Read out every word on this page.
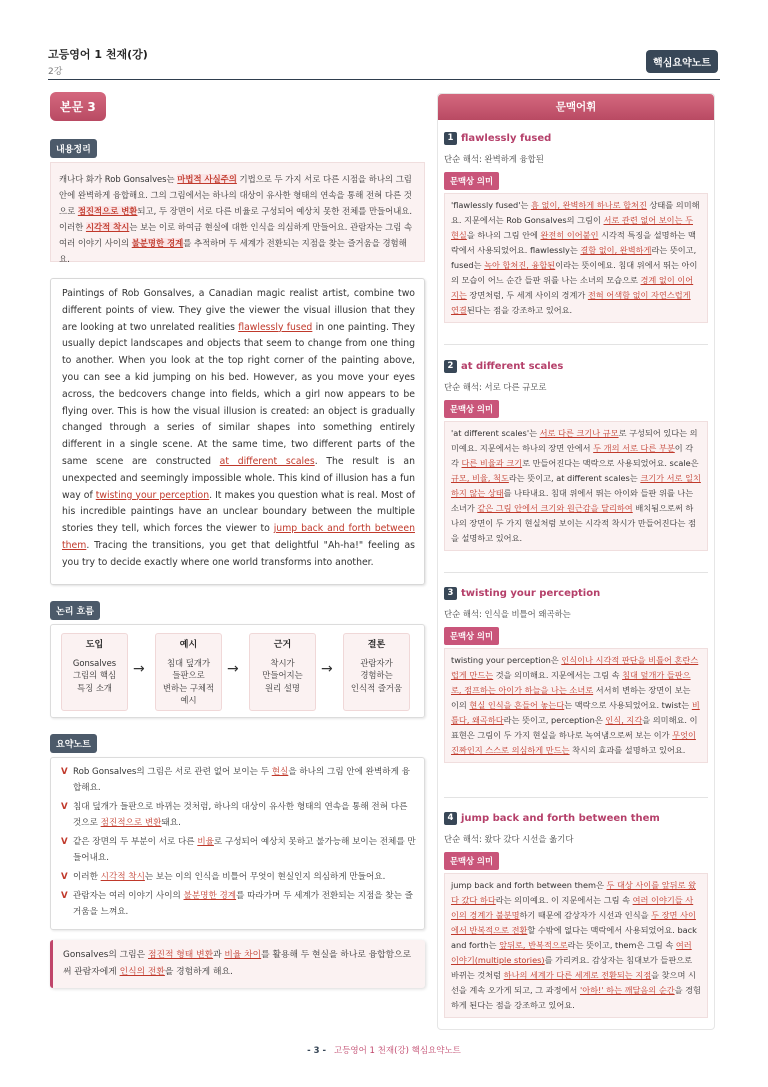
고등영어 1 천재(강)
2강
핵심요약노트
본문 3
내용정리
캐나다 화가 Rob Gonsalves는 마법적 사실주의 기법으로 두 가지 서로 다른 시점을 하나의 그림 안에 완벽하게 융합해요. 그의 그림에서는 하나의 대상이 유사한 형태의 연속을 통해 전혀 다른 것으로 점진적으로 변환되고, 두 장면이 서로 다른 비율로 구성되어 예상치 못한 전체를 만들어내요. 이러한 시각적 착시는 보는 이로 하여금 현실에 대한 인식을 의심하게 만들어요. 관람자는 그림 속 여러 이야기 사이의 불분명한 경계를 추적하며 두 세계가 전환되는 지점을 찾는 즐거움을 경험해요.
Paintings of Rob Gonsalves, a Canadian magic realist artist, combine two different points of view. They give the viewer the visual illusion that they are looking at two unrelated realities flawlessly fused in one painting. They usually depict landscapes and objects that seem to change from one thing to another. When you look at the top right corner of the painting above, you can see a kid jumping on his bed. However, as you move your eyes across, the bedcovers change into fields, which a girl now appears to be flying over. This is how the visual illusion is created: an object is gradually changed through a series of similar shapes into something entirely different in a single scene. At the same time, two different parts of the same scene are constructed at different scales. The result is an unexpected and seemingly impossible whole. This kind of illusion has a fun way of twisting your perception. It makes you question what is real. Most of his incredible paintings have an unclear boundary between the multiple stories they tell, which forces the viewer to jump back and forth between them. Tracing the transitions, you get that delightful "Ah-ha!" feeling as you try to decide exactly where one world transforms into another.
논리 흐름
도입
Gonsalves
그림의 핵심
특징 소개
→
예시
침대 덮개가
들판으로
변하는 구체적
예시
→
근거
착시가
만들어지는
원리 설명
→
결론
관람자가
경험하는
인식적 즐거움
요약노트
V Rob Gonsalves의 그림은 서로 관련 없어 보이는 두 현실을 하나의 그림 안에 완벽하게 융합해요.
V 침대 덮개가 들판으로 바뀌는 것처럼, 하나의 대상이 유사한 형태의 연속을 통해 전혀 다른 것으로 점진적으로 변환돼요.
V 같은 장면의 두 부분이 서로 다른 비율로 구성되어 예상치 못하고 불가능해 보이는 전체를 만들어내요.
V 이러한 시각적 착시는 보는 이의 인식을 비틀어 무엇이 현실인지 의심하게 만들어요.
V 관람자는 여러 이야기 사이의 불분명한 경계를 따라가며 두 세계가 전환되는 지점을 찾는 즐거움을 느껴요.
Gonsalves의 그림은 점진적 형태 변환과 비율 차이를 활용해 두 현실을 하나로 융합함으로써 관람자에게 인식의 전환을 경험하게 해요.
문맥어휘
1 flawlessly fused
단순 해석: 완벽하게 융합된
문맥상 의미
'flawlessly fused'는 흠 없이, 완벽하게 하나로 합쳐진 상태를 의미해요. 지문에서는 Rob Gonsalves의 그림이 서로 관련 없어 보이는 두 현실을 하나의 그림 안에 완전히 이어붙인 시각적 특징을 설명하는 맥락에서 사용되었어요. flawlessly는 결함 없이, 완벽하게라는 뜻이고, fused는 녹아 합쳐진, 융합된이라는 뜻이에요. 침대 위에서 뛰는 아이의 모습이 어느 순간 들판 위를 나는 소녀의 모습으로 경계 없이 이어지는 장면처럼, 두 세계 사이의 경계가 전혀 어색함 없이 자연스럽게 연결된다는 점을 강조하고 있어요.
2 at different scales
단순 해석: 서로 다른 규모로
문맥상 의미
'at different scales'는 서로 다른 크기나 규모로 구성되어 있다는 의미예요. 지문에서는 하나의 장면 안에서 두 개의 서로 다른 부분이 각각 다른 비율과 크기로 만들어진다는 맥락으로 사용되었어요. scale은 규모, 비율, 척도라는 뜻이고, at different scales는 크기가 서로 일치하지 않는 상태를 나타내요. 침대 위에서 뛰는 아이와 들판 위를 나는 소녀가 같은 그림 안에서 크기와 원근감을 달리하여 배치됨으로써 하나의 장면이 두 가지 현실처럼 보이는 시각적 착시가 만들어진다는 점을 설명하고 있어요.
3 twisting your perception
단순 해석: 인식을 비틀어 왜곡하는
문맥상 의미
twisting your perception은 인식이나 시각적 판단을 비틀어 혼란스럽게 만드는 것을 의미해요. 지문에서는 그림 속 침대 덮개가 들판으로, 점프하는 아이가 하늘을 나는 소녀로 서서히 변하는 장면이 보는 이의 현실 인식을 흔들어 놓는다는 맥락으로 사용되었어요. twist는 비틀다, 왜곡하다라는 뜻이고, perception은 인식, 지각을 의미해요. 이 표현은 그림이 두 가지 현실을 하나로 녹여냄으로써 보는 이가 무엇이 진짜인지 스스로 의심하게 만드는 착시의 효과를 설명하고 있어요.
4 jump back and forth between them
단순 해석: 왔다 갔다 시선을 옮기다
문맥상 의미
jump back and forth between them은 두 대상 사이를 앞뒤로 왔다 갔다 하다라는 의미예요. 이 지문에서는 그림 속 여러 이야기들 사이의 경계가 불분명하기 때문에 감상자가 시선과 인식을 두 장면 사이에서 반복적으로 전환할 수밖에 없다는 맥락에서 사용되었어요. back and forth는 앞뒤로, 반복적으로라는 뜻이고, them은 그림 속 여러 이야기(multiple stories)를 가리켜요. 감상자는 침대보가 들판으로 바뀌는 것처럼 하나의 세계가 다른 세계로 전환되는 지점을 찾으며 시선을 계속 오가게 되고, 그 과정에서 '아하!' 하는 깨달음의 순간을 경험하게 된다는 점을 강조하고 있어요.
- 3 - 고등영어 1 천재(강) 핵심요약노트
